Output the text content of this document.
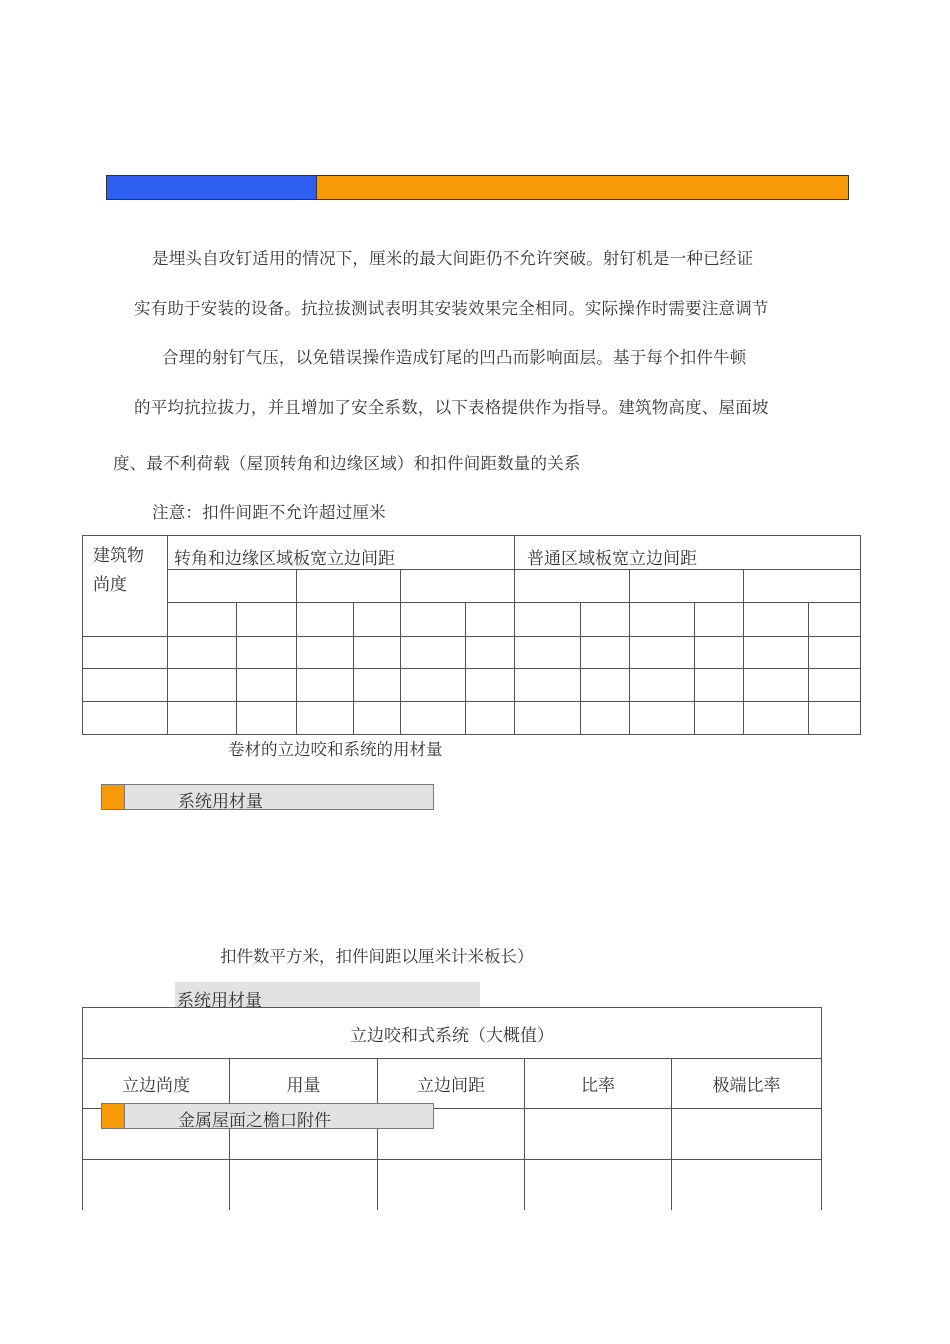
是埋头自攻钉适用的情况下，厘米的最大间距仍不允许突破。射钉机是一种已经证
实有助于安装的设备。抗拉拔测试表明其安装效果完全相同。实际操作时需要注意调节
合理的射钉气压，以免错误操作造成钉尾的凹凸而影响面层。基于每个扣件牛顿
的平均抗拉拔力，并且增加了安全系数，以下表格提供作为指导。建筑物高度、屋面坡
度、最不利荷载（屋顶转角和边缘区域）和扣件间距数量的关系
注意：扣件间距不允许超过厘米
建筑物尚度	转角和边缘区域板宽立边间距						普通区域板宽立边间距					

卷材的立边咬和系统的用材量
系统用材量
扣件数平方米，扣件间距以厘米计米板长）
系统用材量
立边咬和式系统（大概值）				
立边尚度	用量	立边间距	比率	极端比率

金属屋面之檐口附件
